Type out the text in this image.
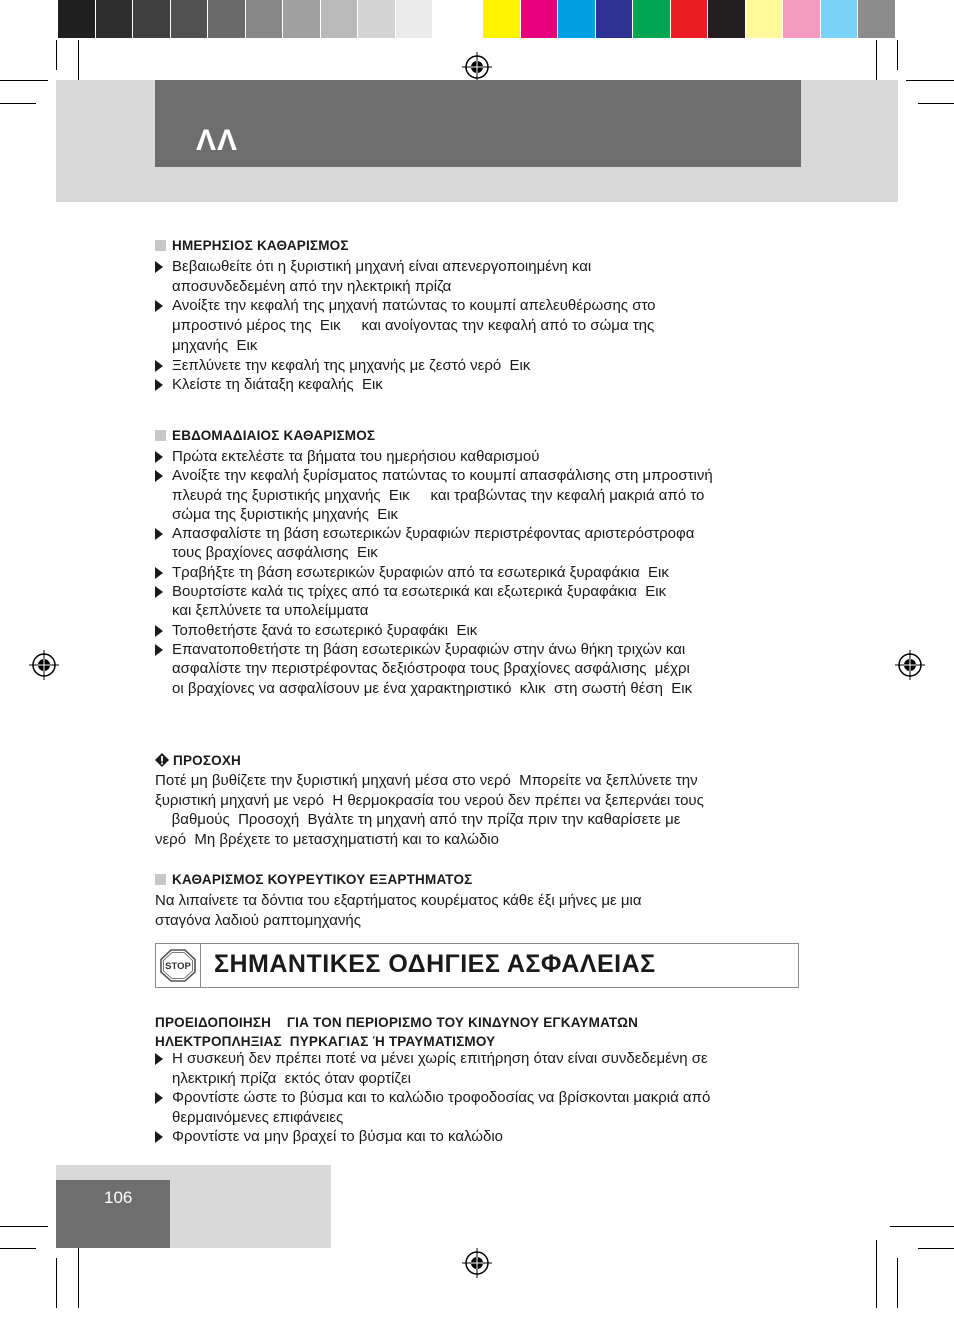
ΛΛ
ΗΜΕΡΗΣΙΟΣ ΚΑΘΑΡΙΣΜΟΣ
Βεβαιωθείτε ότι η ξυριστική μηχανή είναι απενεργοποιημένη και
αποσυνδεδεμένη από την ηλεκτρική πρίζα
Ανοίξτε την κεφαλή της μηχανή πατώντας το κουμπί απελευθέρωσης στο
μπροστινό μέρος της  Εικ     και ανοίγοντας την κεφαλή από το σώμα της
μηχανής  Εικ
Ξεπλύνετε την κεφαλή της μηχανής με ζεστό νερό  Εικ
Κλείστε τη διάταξη κεφαλής  Εικ
ΕΒΔΟΜΑΔΙΑΙΟΣ ΚΑΘΑΡΙΣΜΟΣ
Πρώτα εκτελέστε τα βήματα του ημερήσιου καθαρισμού
Ανοίξτε την κεφαλή ξυρίσματος πατώντας το κουμπί απασφάλισης στη μπροστινή
πλευρά της ξυριστικής μηχανής  Εικ     και τραβώντας την κεφαλή μακριά από το
σώμα της ξυριστικής μηχανής  Εικ
Απασφαλίστε τη βάση εσωτερικών ξυραφιών περιστρέφοντας αριστερόστροφα
τους βραχίονες ασφάλισης  Εικ
Τραβήξτε τη βάση εσωτερικών ξυραφιών από τα εσωτερικά ξυραφάκια  Εικ
Βουρτσίστε καλά τις τρίχες από τα εσωτερικά και εξωτερικά ξυραφάκια  Εικ
και ξεπλύνετε τα υπολείμματα
Τοποθετήστε ξανά το εσωτερικό ξυραφάκι  Εικ
Επανατοποθετήστε τη βάση εσωτερικών ξυραφιών στην άνω θήκη τριχών και
ασφαλίστε την περιστρέφοντας δεξιόστροφα τους βραχίονες ασφάλισης  μέχρι
οι βραχίονες να ασφαλίσουν με ένα χαρακτηριστικό  κλικ  στη σωστή θέση  Εικ
ΠΡΟΣΟΧΗ
Ποτέ μη βυθίζετε την ξυριστική μηχανή μέσα στο νερό  Μπορείτε να ξεπλύνετε την
ξυριστική μηχανή με νερό  Η θερμοκρασία του νερού δεν πρέπει να ξεπερνάει τους
βαθμούς  Προσοχή  Βγάλτε τη μηχανή από την πρίζα πριν την καθαρίσετε με
νερό  Μη βρέχετε το μετασχηματιστή και το καλώδιο
ΚΑΘΑΡΙΣΜΟΣ ΚΟΥΡΕΥΤΙΚΟΥ ΕΞΑΡΤΗΜΑΤΟΣ
Να λιπαίνετε τα δόντια του εξαρτήματος κουρέματος κάθε έξι μήνες με μια
σταγόνα λαδιού ραπτομηχανής
STOP ΣΗΜΑΝΤΙΚΕΣ ΟΔΗΓΙΕΣ ΑΣΦΑΛΕΙΑΣ
ΠΡΟΕΙΔΟΠΟΙΗΣΗ    ΓΙΑ ΤΟΝ ΠΕΡΙΟΡΙΣΜΟ ΤΟΥ ΚΙΝΔΥΝΟΥ ΕΓΚΑΥΜΑΤΩΝ
ΗΛΕΚΤΡΟΠΛΗΞΙΑΣ  ΠΥΡΚΑΓΙΑΣ Ή ΤΡΑΥΜΑΤΙΣΜΟΥ
Η συσκευή δεν πρέπει ποτέ να μένει χωρίς επιτήρηση όταν είναι συνδεδεμένη σε
ηλεκτρική πρίζα  εκτός όταν φορτίζει
Φροντίστε ώστε το βύσμα και το καλώδιο τροφοδοσίας να βρίσκονται μακριά από
θερμαινόμενες επιφάνειες
Φροντίστε να μην βραχεί το βύσμα και το καλώδιο
106
